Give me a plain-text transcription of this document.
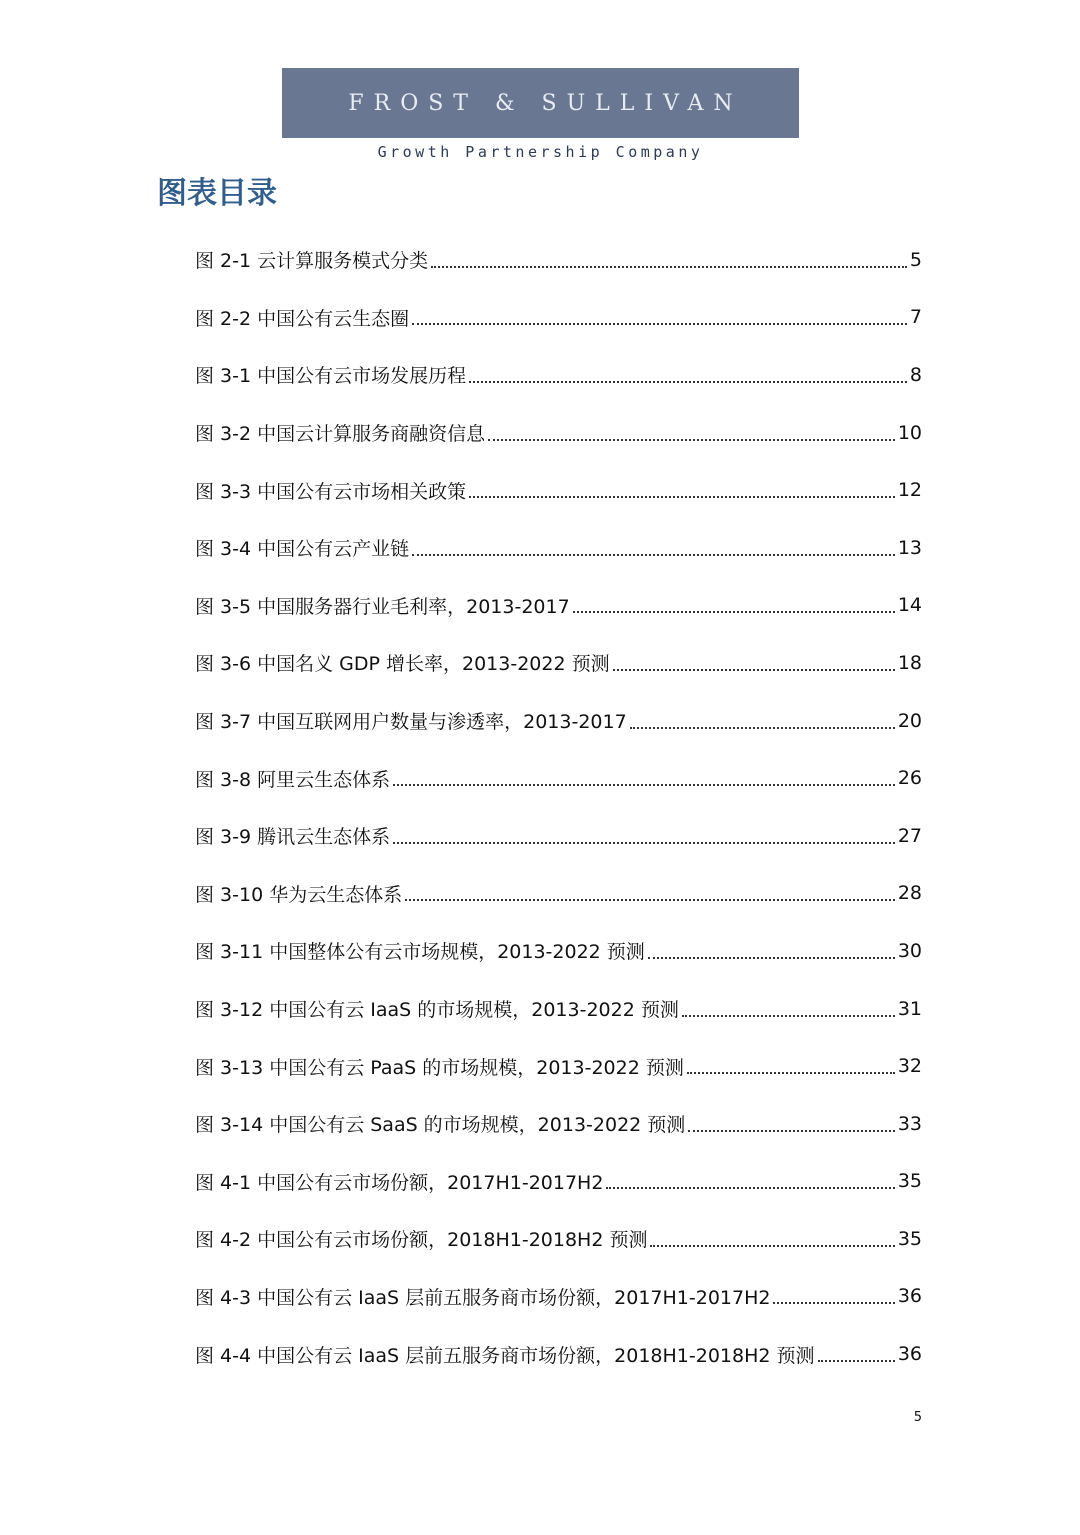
FROST & SULLIVAN
Growth Partnership Company
图表目录
图 2-1 云计算服务模式分类	5
图 2-2 中国公有云生态圈	7
图 3-1 中国公有云市场发展历程	8
图 3-2 中国云计算服务商融资信息	10
图 3-3 中国公有云市场相关政策	12
图 3-4 中国公有云产业链	13
图 3-5 中国服务器行业毛利率，2013-2017	14
图 3-6 中国名义 GDP 增长率，2013-2022 预测	18
图 3-7 中国互联网用户数量与渗透率，2013-2017	20
图 3-8 阿里云生态体系	26
图 3-9 腾讯云生态体系	27
图 3-10 华为云生态体系	28
图 3-11 中国整体公有云市场规模，2013-2022 预测	30
图 3-12 中国公有云 IaaS 的市场规模，2013-2022 预测	31
图 3-13 中国公有云 PaaS 的市场规模，2013-2022 预测	32
图 3-14 中国公有云 SaaS 的市场规模，2013-2022 预测	33
图 4-1 中国公有云市场份额，2017H1-2017H2	35
图 4-2 中国公有云市场份额，2018H1-2018H2 预测	35
图 4-3 中国公有云 IaaS 层前五服务商市场份额，2017H1-2017H2	36
图 4-4 中国公有云 IaaS 层前五服务商市场份额，2018H1-2018H2 预测	36
5
